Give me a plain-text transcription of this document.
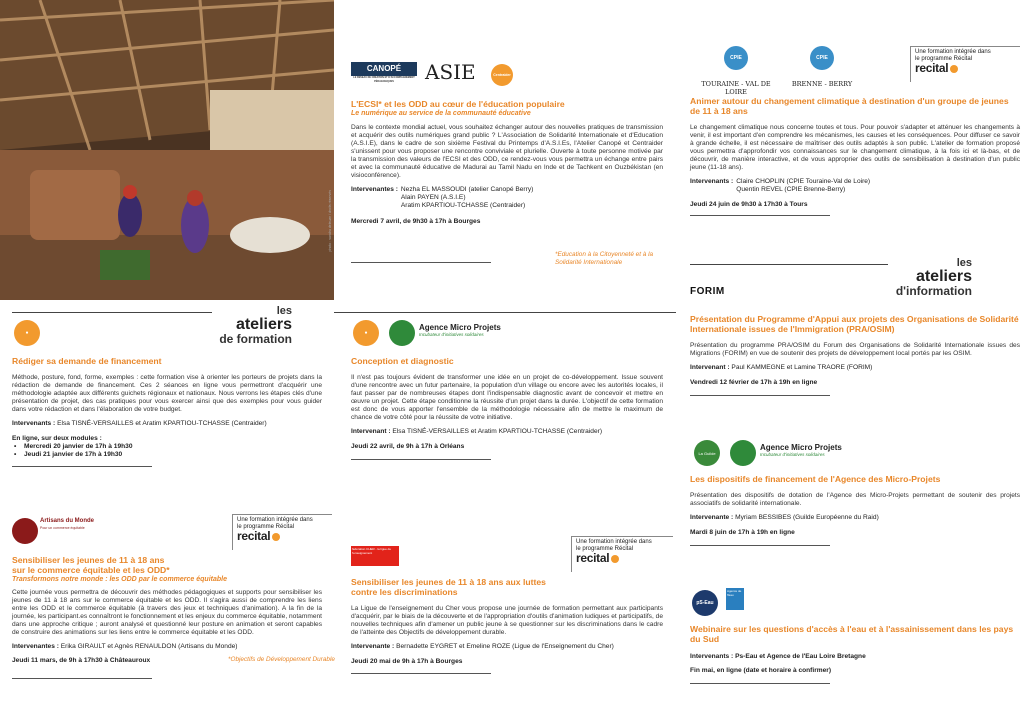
photo : sandra deleuze / droits réservés
les
ateliers
de formation
●
Rédiger sa demande de financement
Méthode, posture, fond, forme, exemples : cette formation vise à orienter les porteurs de projets dans la rédaction de demande de financement. Ces 2 séances en ligne vous permettront d'acquérir une méthodologie adaptée aux différents guichets régionaux et nationaux. Nous verrons les étapes clés d'une présentation de projet, des cas pratiques pour vous exercer ainsi que des exemples pour vous guider dans votre rédaction et dans l'élaboration de votre budget.
Intervenants : Elsa TISNÉ-VERSAILLES et Aratim KPARTIOU-TCHASSE (Centraider)
En ligne, sur deux modules :
• Mercredi 20 janvier de 17h à 19h30
• Jeudi 21 janvier de 17h à 19h30
Artisans du Monde
Pour un commerce équitable
Une formation intégrée dans
le programme Récital
recital
Sensibiliser les jeunes de 11 à 18 ans
sur le commerce équitable et les ODD*
Transformons notre monde : les ODD par le commerce équitable
Cette journée vous permettra de découvrir des méthodes pédagogiques et supports pour sensibiliser les jeunes de 11 à 18 ans sur le commerce équitable et les ODD. Il s'agira aussi de comprendre les liens entre les ODD et le commerce équitable (à travers des jeux et techniques d'animation). A la fin de la journée, les participant.es connaîtront le fonctionnement et les enjeux du commerce équitable, notamment dans une approche critique ; auront analysé et questionné leur posture en animation et seront capables de construire des animations sur les liens entre le commerce équitable et les ODD.
Intervenantes : Erika GIRAULT et Agnès RENAULDON (Artisans du Monde)
Jeudi 11 mars, de 9h à 17h30 à Châteauroux	*Objectifs de Développement Durable
CANOPÉ
LE RÉSEAU DE CRÉATION ET D'ACCOMPAGNEMENT PÉDAGOGIQUES	ASIE	Centraider
L'ECSI* et les ODD au cœur de l'éducation populaire
Le numérique au service de la communauté éducative
Dans le contexte mondial actuel, vous souhaitez échanger autour des nouvelles pratiques de transmission et acquérir des outils numériques grand public ? L'Association de Solidarité Internationale et d'Education (A.S.I.E), dans le cadre de son sixième Festival du Printemps d'A.S.I.Es, l'Atelier Canopé et Centraider s'unissent pour vous proposer une rencontre conviviale et plurielle. Ouverte à toute personne motivée par la transmission des valeurs de l'ECSI et des ODD, ce rendez-vous vous permettra un échange entre pairs et avec la communauté éducative de Madurai au Tamil Nadu en Inde et de Tachkent en Ouzbékistan (en visioconférence).
Intervenantes : Nezha EL MASSOUDI (atelier Canopé Berry)
Alain PAYEN (A.S.I.E)
Aratim KPARTIOU-TCHASSE (Centraider)
Mercredi 7 avril, de 9h30 à 17h à Bourges
*Education à la Citoyenneté et à la Solidarité Internationale
●
Agence Micro Projets
Incubateur d'initiatives solidaires
Conception et diagnostic
Il n'est pas toujours évident de transformer une idée en un projet de co-développement. Issue souvent d'une rencontre avec un futur partenaire, la population d'un village ou encore avec les autorités locales, il faut passer par de nombreuses étapes dont l'indispensable diagnostic avant de concevoir et mettre en œuvre un projet. Cette étape conditionne la réussite d'un projet dans la durée. L'objectif de cette formation est donc de vous apporter l'ensemble de la méthodologie nécessaire afin de mettre le maximum de chance de votre côté pour la réussite de votre initiative.
Intervenant : Elsa TISNÉ-VERSAILLES et Aratim KPARTIOU-TCHASSE (Centraider)
Jeudi 22 avril, de 9h à 17h à Orléans
fédération CHER - la ligue de l'enseignement
Une formation intégrée dans
le programme Récital
recital
Sensibiliser les jeunes de 11 à 18 ans aux luttes
contre les discriminations
La Ligue de l'enseignement du Cher vous propose une journée de formation permettant aux participants d'acquérir, par le biais de la découverte et de l'appropriation d'outils d'animation ludiques et participatifs, de nouvelles techniques afin d'amener un public jeune à se questionner sur les discriminations dans le cadre de l'atteinte des Objectifs de développement durable.
Intervenante : Bernadette EYGRET et Emeline ROZE (Ligue de l'Enseignement du Cher)
Jeudi 20 mai de 9h à 17h à Bourges
CPIE
TOURAINE - VAL DE LOIRE
CPIE
BRENNE - BERRY
Une formation intégrée dans
le programme Récital
recital
Animer autour du changement climatique à destination d'un groupe de jeunes de 11 à 18 ans
Le changement climatique nous concerne toutes et tous. Pour pouvoir s'adapter et atténuer les changements à venir, il est important d'en comprendre les mécanismes, les causes et les conséquences. Pour diffuser ce savoir à grande échelle, il est nécessaire de maîtriser des outils adaptés à son public. L'atelier de formation proposé vous permettra d'approfondir vos connaissances sur le changement climatique, à la fois ici et là-bas, et de découvrir, de manière interactive, et de vous approprier des outils de sensibilisation à destination d'un public jeune (11-18 ans).
Intervenants : Claire CHOPLIN (CPIE Touraine-Val de Loire)
Quentin REVEL (CPIE Brenne-Berry)
Jeudi 24 juin de 9h30 à 17h30 à Tours
les
ateliers
d'information
FORIM
Présentation du Programme d'Appui aux projets des Organisations de Solidarité Internationale issues de l'Immigration (PRA/OSIM)
Présentation du programme PRA/OSIM du Forum des Organisations de Solidarité Internationale issues des Migrations (FORIM) en vue de soutenir des projets de développement local portés par les OSIM.
Intervenant : Paul KAMMEGNE et Lamine TRAORE (FORIM)
Vendredi 12 février de 17h à 19h en ligne
La Guilde
Agence Micro Projets
Incubateur d'initiatives solidaires
Les dispositifs de financement de l'Agence des Micro-Projets
Présentation des dispositifs de dotation de l'Agence des Micro-Projets permettant de soutenir des projets associatifs de solidarité internationale.
Intervenante : Myriam BESSIBES (Guilde Européenne du Raid)
Mardi 8 juin de 17h à 19h en ligne
pS-Eau
Agence de l'Eau
Webinaire sur les questions d'accès à l'eau et à l'assainissement dans les pays du Sud
Intervenants : Ps-Eau et Agence de l'Eau Loire Bretagne
Fin mai, en ligne (date et horaire à confirmer)
